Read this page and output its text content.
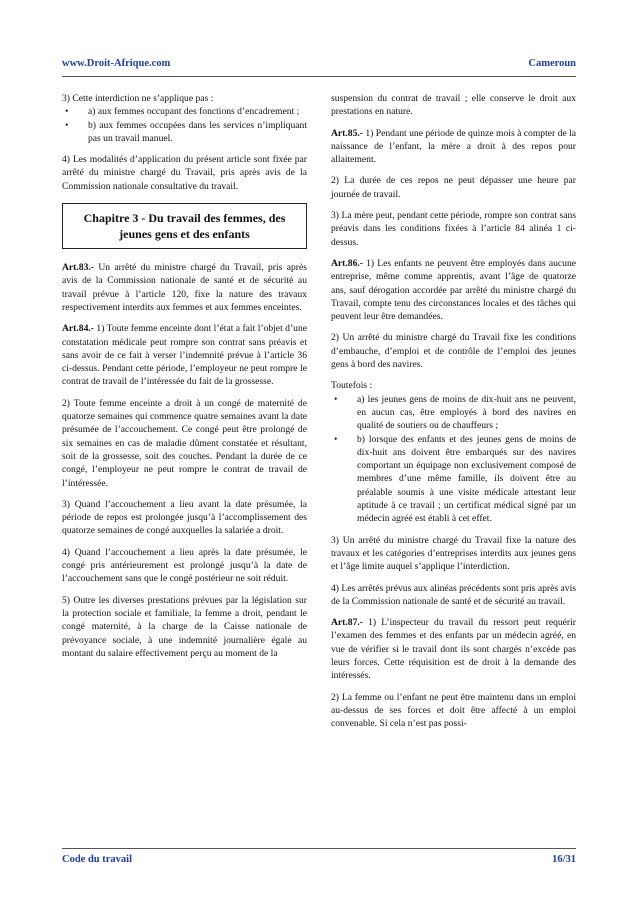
www.Droit-Afrique.com	Cameroun

3) Cette interdiction ne s’applique pas :

• a) aux femmes occupant des fonctions d’encadrement ;
• b) aux femmes occupées dans les services n’impliquant pas un travail manuel.

4) Les modalités d’application du présent article sont fixée par arrêté du ministre chargé du Travail, pris après avis de la Commission nationale consultative du travail.

Chapitre 3 - Du travail des femmes, des jeunes gens et des enfants

Art.83.- Un arrêté du ministre chargé du Travail, pris après avis de la Commission nationale de santé et de sécurité au travail prévue à l’article 120, fixe la nature des travaux respectivement interdits aux femmes et aux femmes enceintes.

Art.84.- 1) Toute femme enceinte dont l’état a fait l’objet d’une constatation médicale peut rompre son contrat sans préavis et sans avoir de ce fait à verser l’indemnité prévue à l’article 36 ci-dessus. Pendant cette période, l’employeur ne peut rompre le contrat de travail de l’intéressée du fait de la grossesse.

2) Toute femme enceinte a droit à un congé de maternité de quatorze semaines qui commence quatre semaines avant la date présumée de l’accouchement. Ce congé peut être prolongé de six semaines en cas de maladie dûment constatée et résultant, soit de la grossesse, soit des couches. Pendant la durée de ce congé, l’employeur ne peut rompre le contrat de travail de l’intéressée.

3) Quand l’accouchement a lieu avant la date présumée, la période de repos est prolongée jusqu’à l’accomplissement des quatorze semaines de congé auxquelles la salariée a droit.

4) Quand l’accouchement a lieu après la date présumée, le congé pris antérieurement est prolongé jusqu’à la date de l’accouchement sans que le congé postérieur ne soit réduit.

5) Outre les diverses prestations prévues par la législation sur la protection sociale et familiale, la femme a droit, pendant le congé maternité, à la charge de la Caisse nationale de prévoyance sociale, à une indemnité journalière égale au montant du salaire effectivement perçu au moment de la

suspension du contrat de travail ; elle conserve le droit aux prestations en nature.

Art.85.- 1) Pendant une période de quinze mois à compter de la naissance de l’enfant, la mère a droit à des repos pour allaitement.

2) La durée de ces repos ne peut dépasser une heure par journée de travail.

3) La mère peut, pendant cette période, rompre son contrat sans préavis dans les conditions fixées à l’article 84 alinéa 1 ci-dessus.

Art.86.- 1) Les enfants ne peuvent être employés dans aucune entreprise, même comme apprentis, avant l’âge de quatorze ans, sauf dérogation accordée par arrêté du ministre chargé du Travail, compte tenu des circonstances locales et des tâches qui peuvent leur être demandées.

2) Un arrêté du ministre chargé du Travail fixe les conditions d’embauche, d’emploi et de contrôle de l’emploi des jeunes gens à bord des navires.

Toutefois :

• a) les jeunes gens de moins de dix-huit ans ne peuvent, en aucun cas, être employés à bord des navires en qualité de soutiers ou de chauffeurs ;
• b) lorsque des enfants et des jeunes gens de moins de dix-huit ans doivent être embarqués sur des navires comportant un équipage non exclusivement composé de membres d’une même famille, ils doivent être au préalable soumis à une visite médicale attestant leur aptitude à ce travail ; un certificat médical signé par un médecin agréé est établi à cet effet.

3) Un arrêté du ministre chargé du Travail fixe la nature des travaux et les catégories d’entreprises interdits aux jeunes gens et l’âge limite auquel s’applique l’interdiction.

4) Les arrêtés prévus aux alinéas précédents sont pris après avis de la Commission nationale de santé et de sécurité au travail.

Art.87.- 1) L’inspecteur du travail du ressort peut requérir l’examen des femmes et des enfants par un médecin agréé, en vue de vérifier si le travail dont ils sont chargés n’excède pas leurs forces. Cette réquisition est de droit à la demande des intéressés.

2) La femme ou l’enfant ne peut être maintenu dans un emploi au-dessus de ses forces et doit être affecté à un emploi convenable. Si cela n’est pas possi-

Code du travail	16/31
